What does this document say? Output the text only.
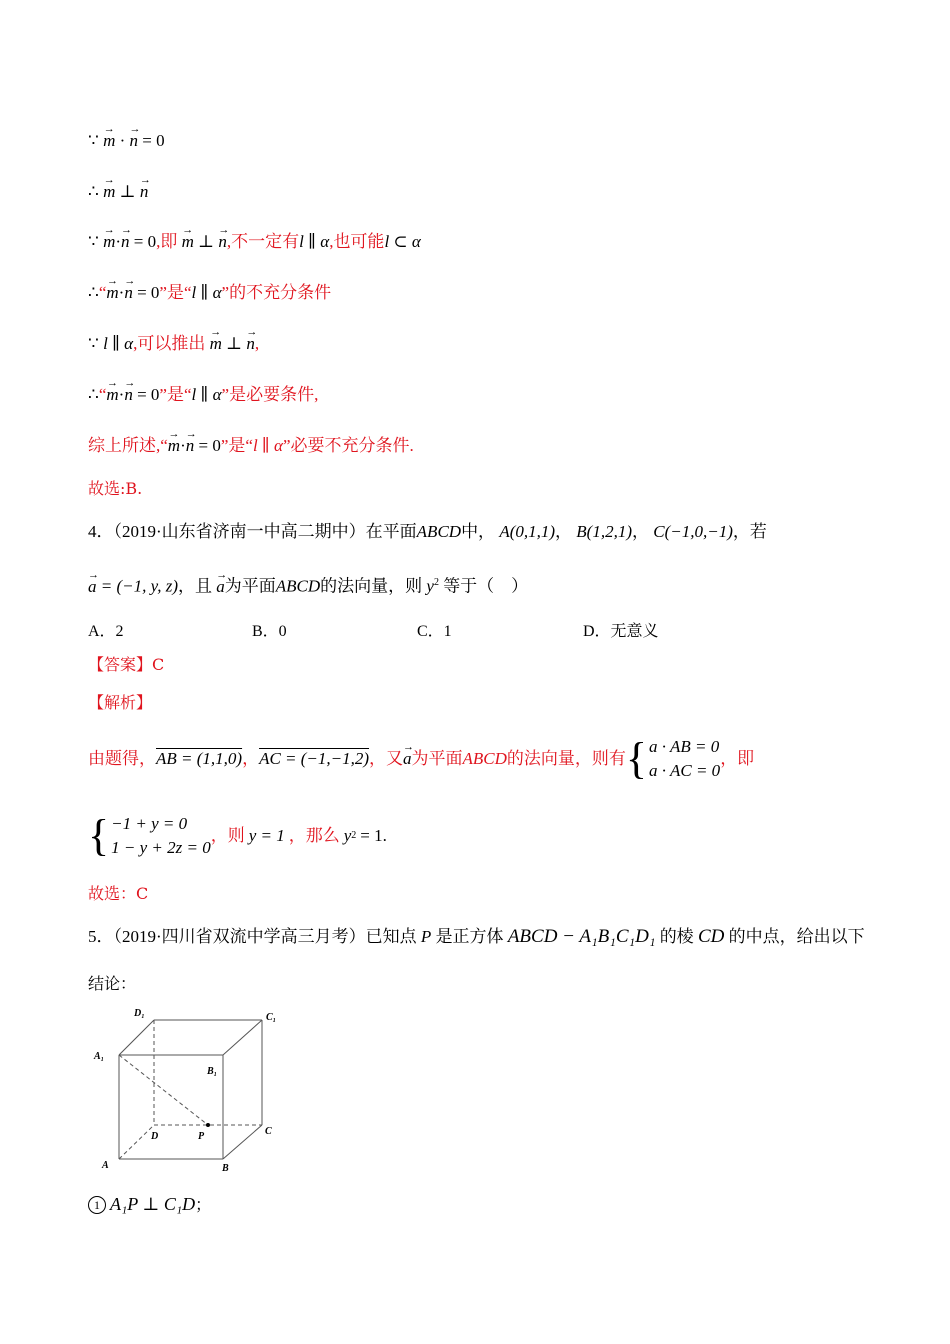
∵ → m · → n = 0
∴ → m ⊥ → n
∵ → m·→ n = 0,即 → m ⊥ → n,不一定有l ∥ α,也可能l ⊂ α
∴“→ m·→ n = 0”是“l ∥ α”的不充分条件
∵ l ∥ α,可以推出 → m ⊥ → n,
∴“→ m·→ n = 0”是“l ∥ α”是必要条件,
综上所述,“→ m·→ n = 0”是“l ∥ α”必要不充分条件.
故选:B.
4．（2019·山东省济南一中高二期中）在平面ABCD中， A(0,1,1)， B(1,2,1)， C(−1,0,−1)，若
→ a = (−1, y, z)，且 → a为平面ABCD的法向量，则 $y^2$ 等于（　）
A．2	B．0	C．1	D．无意义
【答案】C
【解析】
由题得， AB = (1,1,0) ， AC = (−1,−1,2) ，又 → a 为平面 ABCD 的法向量，则有 { a · AB = 0
a · AC = 0
，即
{ −1 + y = 0
1 − y + 2z = 0
，则 y = 1 ，那么 y 2 = 1 .
故选：C
5．（2019·四川省双流中学高三月考）已知点 P 是正方体 ABCD − A₁B₁C₁D₁ 的棱 CD 的中点，给出以下
结论：
D₁	C₁
A₁
B₁
D	P	C
A	B
1 A₁P ⊥ C₁D；
